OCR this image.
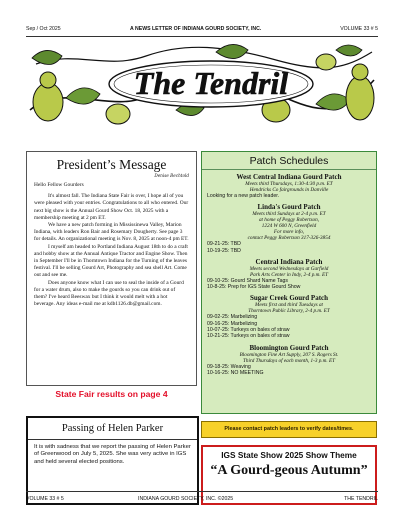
Sep / Oct 2025	A NEWS LETTER OF INDIANA GOURD SOCIETY, INC.	VOLUME 33 # 5
The Tendril
President’s Message
Denise Bechtold

Hello Fellow Gourders

It's almost fall. The Indiana State Fair is over, I hope all of you were pleased with your entries. Congratulations to all who entered. Our next big show is the Annual Gourd Show Oct. 18, 2025 with a membership meeting at 2 pm ET.

We have a new patch forming in Mississinewa Valley, Marion Indiana, with leaders Ron Bair and Rosemary Dougherty. See page 3 for details. An organizational meeting is Nov. 8, 2025 at noon-4 pm ET.

I myself am headed to Portland Indiana August 18th to do a craft and hobby show at the Annual Antique Tractor and Engine Show. Then in September I'll be in Thorntown Indiana for the Turning of the leaves festival. I'll be selling Gourd Art, Photography and sea shell Art. Come out and see me.

Does anyone know what I can use to seal the inside of a Gourd for a water drum, also to make the gourds so you can drink out of them? I've heard Beeswax but I think it would melt with a hot beverage. Any ideas e-mail me at kdb1126.db@gmail.com.

State Fair results on page 4
Passing of Helen Parker

It is with sadness that we report the passing of Helen Parker of Greenwood on July 5, 2025. She was very active in IGS and held several elected positions.

Patch Schedules
West Central Indiana Gourd Patch
Meets third Thursdays, 1:30-4:30 p.m. ET
Hendricks Co fairgrounds in Danville
Looking for a new patch leader.
Linda's Gourd Patch
Meets third Sundays at 2-4 p.m. ET
at home of Peggy Robertson,
1224 W 600 N, Greenfield
For more info,
contact Peggy Robertson 317-326-3854
09-21-25: TBD
10-19-25: TBD
Central Indiana Patch
Meets second Wednesdays at Garfield
Park Arts Center in Indy, 2-4 p.m. ET
09-10-25: Gourd Shard Name Tags
10-8-25: Prep for IGS State Gourd Show
Sugar Creek Gourd Patch
Meets first and third Tuesdays at
Thorntown Public Library, 2-4 p.m. ET
09-02-25: Marbelizing
09-16-25: Marbelizing
10-07-25: Turkeys on bales of straw
10-21-25: Turkeys on bales of straw
Bloomington Gourd Patch
Bloomington Fine Art Supply, 207 S. Rogers St.
Third Thursdays of each month, 1-3 p.m. ET
09-18-25: Weaving
10-16-25: NO MEETING
Please contact patch leaders to verify dates/times.
IGS State Show 2025 Show Theme
“A Gourd-geous Autumn”
VOLUME 33 # 5	INDIANA GOURD SOCIETY, INC. ©2025	THE TENDRIL
